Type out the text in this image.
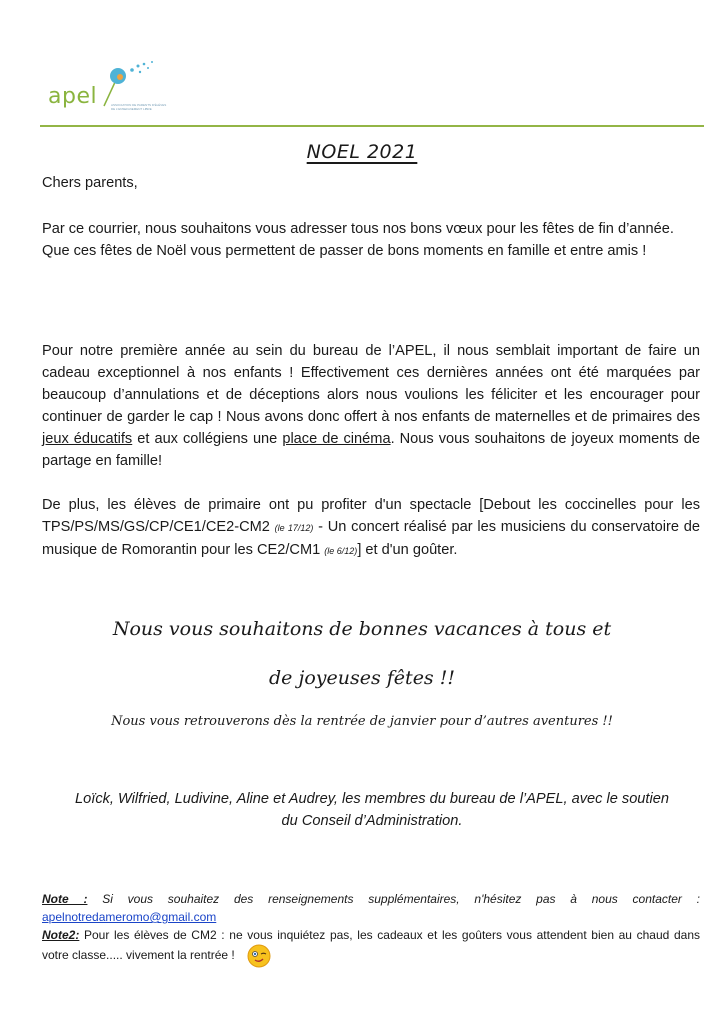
apel	ASSOCIATION DE PARENTS D'ÉLÈVES DE L'ENSEIGNEMENT LIBRE
NOEL 2021

Chers parents,

Par ce courrier, nous souhaitons vous adresser tous nos bons vœux pour les fêtes de fin d’année.

Que ces fêtes de Noël vous permettent de passer de bons moments en famille et entre amis !

Pour notre première année au sein du bureau de l’APEL, il nous semblait important de faire un cadeau exceptionnel à nos enfants ! Effectivement ces dernières années ont été marquées par beaucoup d’annulations et de déceptions alors nous voulions les féliciter et les encourager pour continuer de garder le cap ! Nous avons donc offert à nos enfants de maternelles et de primaires des jeux éducatifs et aux collégiens une place de cinéma. Nous vous souhaitons de joyeux moments de partage en famille!

De plus, les élèves de primaire ont pu profiter d'un spectacle [Debout les coccinelles pour les TPS/PS/MS/GS/CP/CE1/CE2-CM2 (le 17/12) - Un concert réalisé par les musiciens du conservatoire de musique de Romorantin pour les CE2/CM1 (le 6/12)] et d'un goûter.

Nous vous souhaitons de bonnes vacances à tous et
de joyeuses fêtes !!
Nous vous retrouverons dès la rentrée de janvier pour d’autres aventures !!
Loïck, Wilfried, Ludivine, Aline et Audrey, les membres du bureau de l’APEL, avec le soutien
du Conseil d’Administration.
Note : Si vous souhaitez des renseignements supplémentaires, n'hésitez pas à nous contacter :
apelnotredameromo@gmail.com
Note2: Pour les élèves de CM2 : ne vous inquiétez pas, les cadeaux et les goûters vous attendent bien au chaud dans votre classe..... vivement la rentrée !
